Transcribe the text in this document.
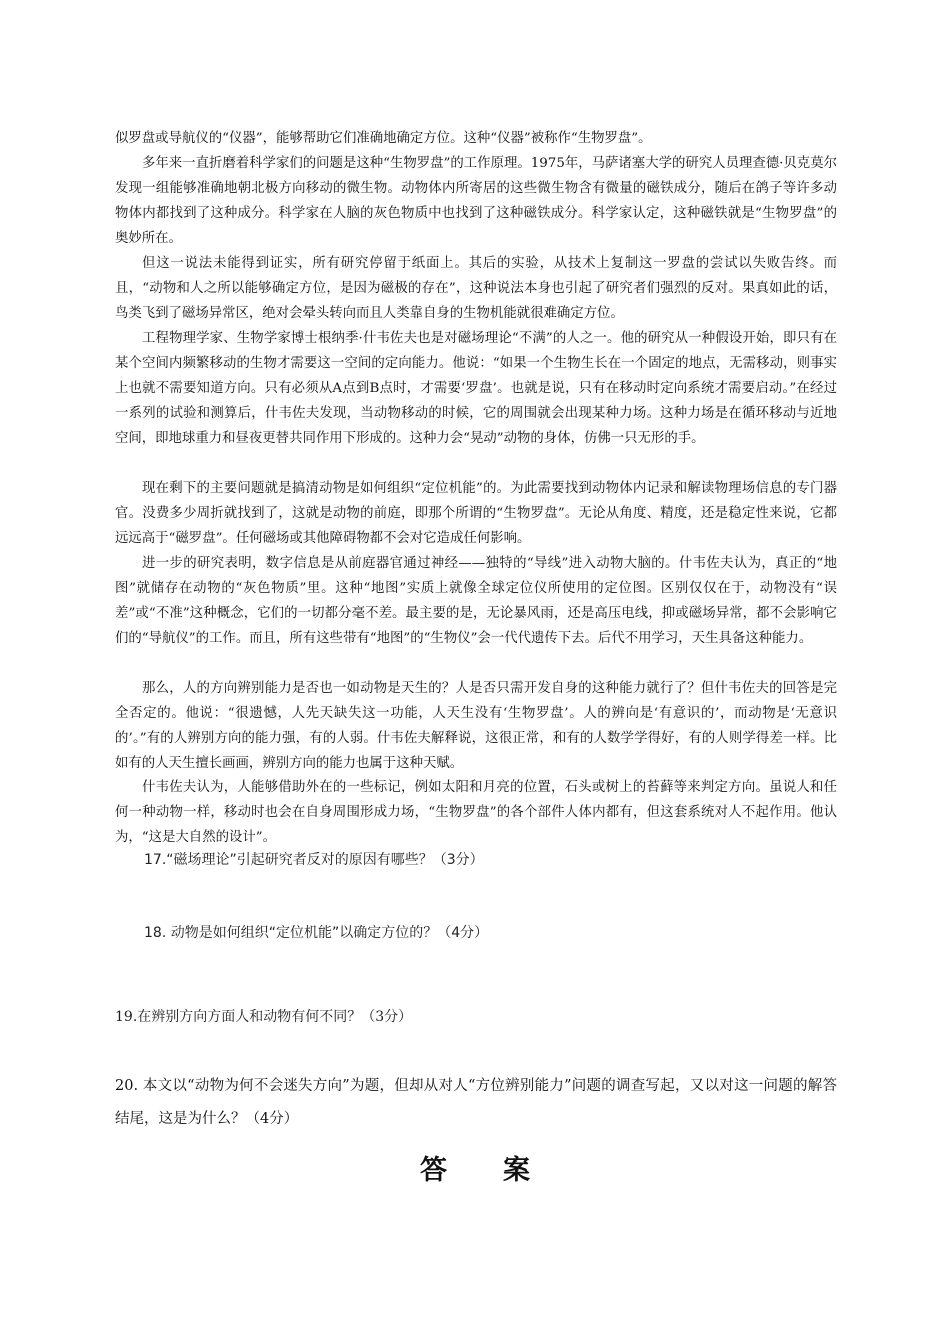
似罗盘或导航仪的“仪器”，能够帮助它们准确地确定方位。这种“仪器”被称作“生物罗盘”。

多年来一直折磨着科学家们的问题是这种“生物罗盘”的工作原理。1975年，马萨诸塞大学的研究人员理查德·贝克莫尔发现一组能够准确地朝北极方向移动的微生物。动物体内所寄居的这些微生物含有微量的磁铁成分，随后在鸽子等许多动物体内都找到了这种成分。科学家在人脑的灰色物质中也找到了这种磁铁成分。科学家认定，这种磁铁就是“生物罗盘”的奥妙所在。

但这一说法未能得到证实，所有研究停留于纸面上。其后的实验，从技术上复制这一罗盘的尝试以失败告终。而且，“动物和人之所以能够确定方位，是因为磁极的存在”，这种说法本身也引起了研究者们强烈的反对。果真如此的话，鸟类飞到了磁场异常区，绝对会晕头转向而且人类靠自身的生物机能就很难确定方位。

工程物理学家、生物学家博士根纳季·什韦佐夫也是对磁场理论“不满”的人之一。他的研究从一种假设开始，即只有在某个空间内频繁移动的生物才需要这一空间的定向能力。他说：“如果一个生物生长在一个固定的地点，无需移动，则事实上也就不需要知道方向。只有必须从A点到B点时，才需要‘罗盘’。也就是说，只有在移动时定向系统才需要启动。”在经过一系列的试验和测算后，什韦佐夫发现，当动物移动的时候，它的周围就会出现某种力场。这种力场是在循环移动与近地空间，即地球重力和昼夜更替共同作用下形成的。这种力会“晃动”动物的身体，仿佛一只无形的手。

现在剩下的主要问题就是搞清动物是如何组织“定位机能”的。为此需要找到动物体内记录和解读物理场信息的专门器官。没费多少周折就找到了，这就是动物的前庭，即那个所谓的“生物罗盘”。无论从角度、精度，还是稳定性来说，它都远远高于“磁罗盘”。任何磁场或其他障碍物都不会对它造成任何影响。

进一步的研究表明，数字信息是从前庭器官通过神经——独特的“导线”进入动物大脑的。什韦佐夫认为，真正的“地图”就储存在动物的“灰色物质”里。这种“地图”实质上就像全球定位仪所使用的定位图。区别仅仅在于，动物没有“误差”或“不准”这种概念，它们的一切都分毫不差。最主要的是，无论暴风雨，还是高压电线，抑或磁场异常，都不会影响它们的“导航仪”的工作。而且，所有这些带有“地图”的“生物仪”会一代代遗传下去。后代不用学习，天生具备这种能力。

那么，人的方向辨别能力是否也一如动物是天生的？人是否只需开发自身的这种能力就行了？但什韦佐夫的回答是完全否定的。他说：“很遗憾，人先天缺失这一功能，人天生没有‘生物罗盘’。人的辨向是‘有意识的’，而动物是‘无意识的’。”有的人辨别方向的能力强，有的人弱。什韦佐夫解释说，这很正常，和有的人数学学得好，有的人则学得差一样。比如有的人天生擅长画画，辨别方向的能力也属于这种天赋。

什韦佐夫认为，人能够借助外在的一些标记，例如太阳和月亮的位置，石头或树上的苔藓等来判定方向。虽说人和任何一种动物一样，移动时也会在自身周围形成力场，“生物罗盘”的各个部件人体内都有，但这套系统对人不起作用。他认为，“这是大自然的设计”。

17.“磁场理论”引起研究者反对的原因有哪些？（3分）

18. 动物是如何组织“定位机能”以确定方位的？（4分）

19.在辨别方向方面人和动物有何不同？（3分）

20. 本文以“动物为何不会迷失方向”为题，但却从对人“方位辨别能力”问题的调查写起，又以对这一问题的解答结尾，这是为什么？（4分）

答案
